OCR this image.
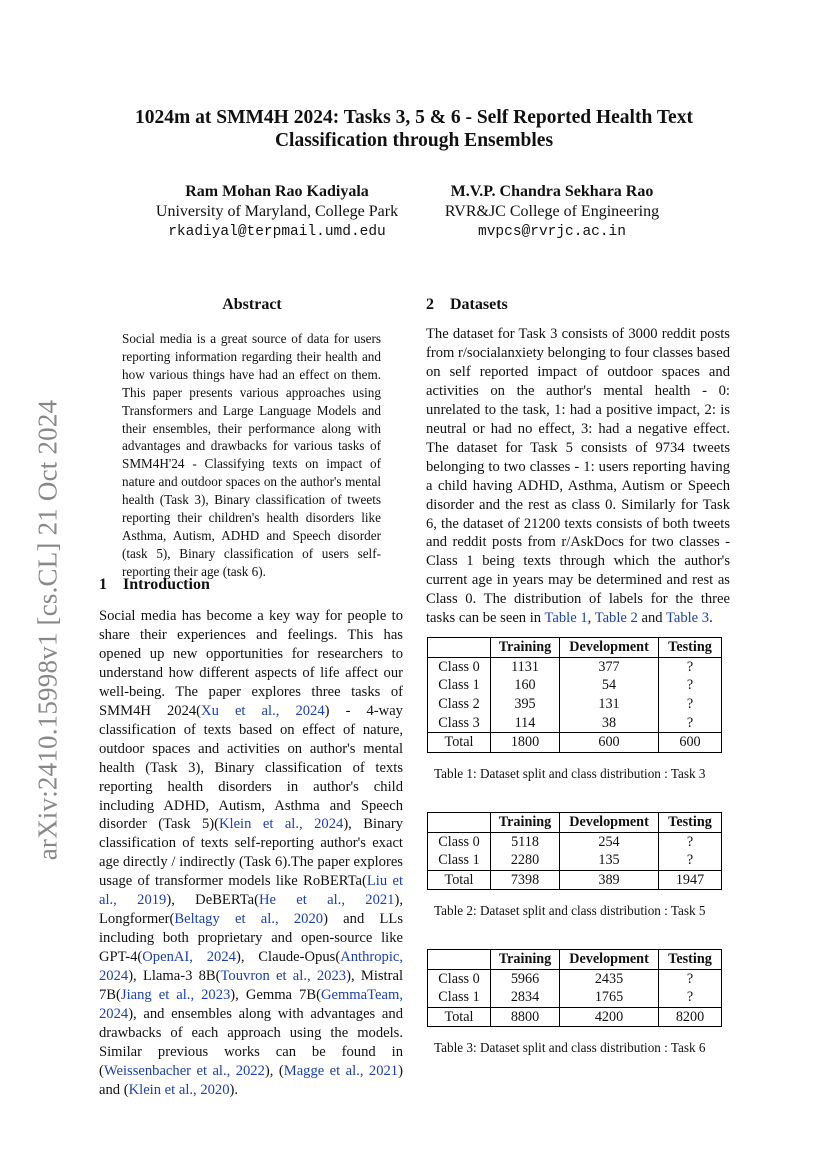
1024m at SMM4H 2024: Tasks 3, 5 & 6 - Self Reported Health Text
Classification through Ensembles
Ram Mohan Rao Kadiyala
University of Maryland, College Park
rkadiyal@terpmail.umd.edu
M.V.P. Chandra Sekhara Rao
RVR&JC College of Engineering
mvpcs@rvrjc.ac.in
arXiv:2410.15998v1 [cs.CL] 21 Oct 2024
Abstract
Social media is a great source of data for users reporting information regarding their health and how various things have had an effect on them. This paper presents various approaches using Transformers and Large Language Models and their ensembles, their performance along with advantages and drawbacks for various tasks of SMM4H'24 - Classifying texts on impact of nature and outdoor spaces on the author's mental health (Task 3), Binary classification of tweets reporting their children's health disorders like Asthma, Autism, ADHD and Speech disorder (task 5), Binary classification of users self-reporting their age (task 6).
1 Introduction
Social media has become a key way for people to share their experiences and feelings. This has opened up new opportunities for researchers to understand how different aspects of life affect our well-being. The paper explores three tasks of SMM4H 2024(Xu et al., 2024) - 4-way classification of texts based on effect of nature, outdoor spaces and activities on author's mental health (Task 3), Binary classification of texts reporting health disorders in author's child including ADHD, Autism, Asthma and Speech disorder (Task 5)(Klein et al., 2024), Binary classification of texts self-reporting author's exact age directly / indirectly (Task 6).The paper explores usage of transformer models like RoBERTa(Liu et al., 2019), DeBERTa(He et al., 2021), Longformer(Beltagy et al., 2020) and LLs including both proprietary and open-source like GPT-4(OpenAI, 2024), Claude-Opus(Anthropic, 2024), Llama-3 8B(Touvron et al., 2023), Mistral 7B(Jiang et al., 2023), Gemma 7B(GemmaTeam, 2024), and ensembles along with advantages and drawbacks of each approach using the models. Similar previous works can be found in (Weissenbacher et al., 2022), (Magge et al., 2021) and (Klein et al., 2020).
2 Datasets
The dataset for Task 3 consists of 3000 reddit posts from r/socialanxiety belonging to four classes based on self reported impact of outdoor spaces and activities on the author's mental health - 0: unrelated to the task, 1: had a positive impact, 2: is neutral or had no effect, 3: had a negative effect. The dataset for Task 5 consists of 9734 tweets belonging to two classes - 1: users reporting having a child having ADHD, Asthma, Autism or Speech disorder and the rest as class 0. Similarly for Task 6, the dataset of 21200 texts consists of both tweets and reddit posts from r/AskDocs for two classes - Class 1 being texts through which the author's current age in years may be determined and rest as Class 0. The distribution of labels for the three tasks can be seen in Table 1, Table 2 and Table 3.
	Training	Development	Testing
Class 0	1131	377	?
Class 1	160	54	?
Class 2	395	131	?
Class 3	114	38	?
Total	1800	600	600
Table 1: Dataset split and class distribution : Task 3
	Training	Development	Testing
Class 0	5118	254	?
Class 1	2280	135	?
Total	7398	389	1947
Table 2: Dataset split and class distribution : Task 5
	Training	Development	Testing
Class 0	5966	2435	?
Class 1	2834	1765	?
Total	8800	4200	8200
Table 3: Dataset split and class distribution : Task 6
